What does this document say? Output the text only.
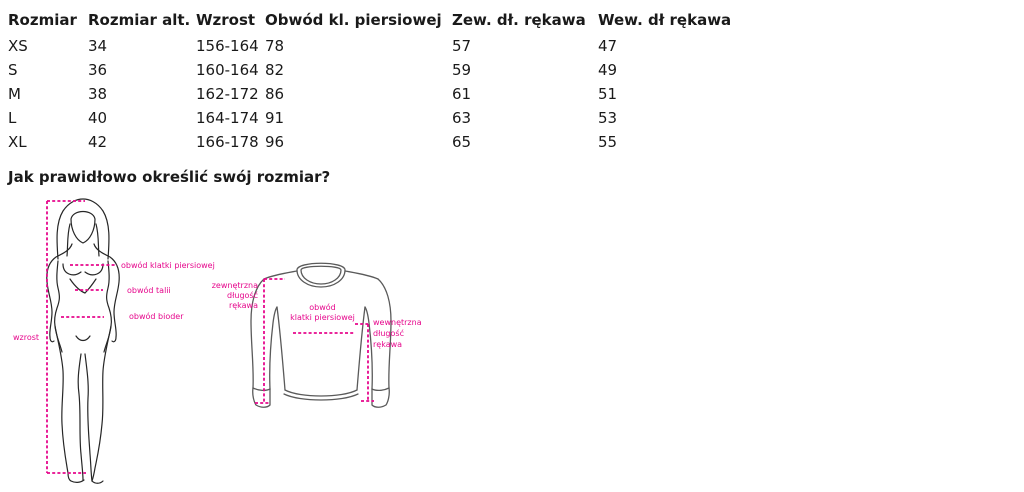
Rozmiar	Rozmiar alt.	Wzrost	Obwód kl. piersiowej	Zew. dł. rękawa	Wew. dł rękawa
XS	34	156-164	78	57	47
S	36	160-164	82	59	49
M	38	162-172	86	61	51
L	40	164-174	91	63	53
XL	42	166-178	96	65	55
Jak prawidłowo określić swój rozmiar?
wzrost
obwód klatki piersiowej
obwód talii
obwód bioder
zewnętrzna
długość
rękawa	obwód
klatki piersiowej
wewnętrzna
długość
rękawa
